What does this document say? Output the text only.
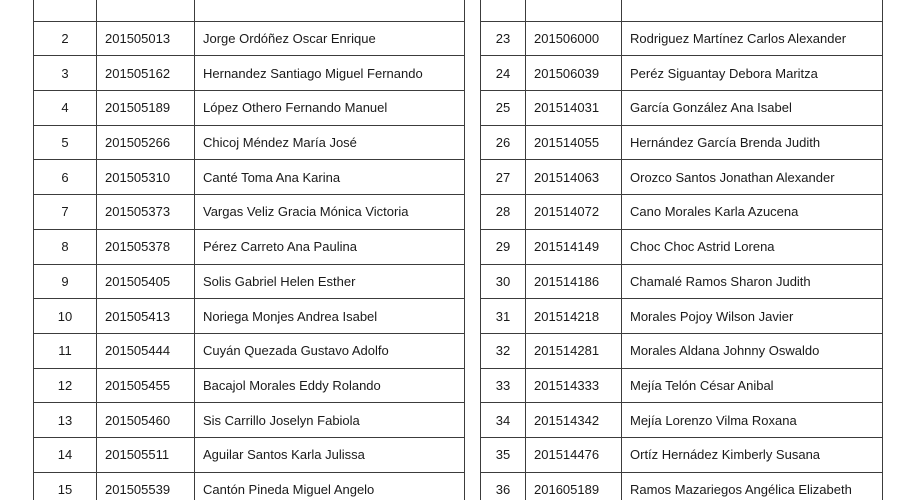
2	201505013	Jorge Ordóñez Oscar Enrique
3	201505162	Hernandez Santiago Miguel Fernando
4	201505189	López Othero Fernando Manuel
5	201505266	Chicoj Méndez María José
6	201505310	Canté Toma Ana Karina
7	201505373	Vargas Veliz Gracia Mónica Victoria
8	201505378	Pérez Carreto Ana Paulina
9	201505405	Solis Gabriel Helen Esther
10	201505413	Noriega Monjes Andrea Isabel
11	201505444	Cuyán Quezada Gustavo Adolfo
12	201505455	Bacajol Morales Eddy Rolando
13	201505460	Sis Carrillo Joselyn Fabiola
14	201505511	Aguilar Santos Karla Julissa
15	201505539	Cantón Pineda Miguel Angelo

23	201506000	Rodriguez Martínez Carlos Alexander
24	201506039	Peréz Siguantay Debora Maritza
25	201514031	García González Ana Isabel
26	201514055	Hernández García Brenda Judith
27	201514063	Orozco Santos Jonathan Alexander
28	201514072	Cano Morales Karla Azucena
29	201514149	Choc Choc Astrid Lorena
30	201514186	Chamalé Ramos Sharon Judith
31	201514218	Morales Pojoy Wilson Javier
32	201514281	Morales Aldana Johnny Oswaldo
33	201514333	Mejía Telón César Anibal
34	201514342	Mejía Lorenzo Vilma Roxana
35	201514476	Ortíz Hernádez Kimberly Susana
36	201605189	Ramos Mazariegos Angélica Elizabeth
